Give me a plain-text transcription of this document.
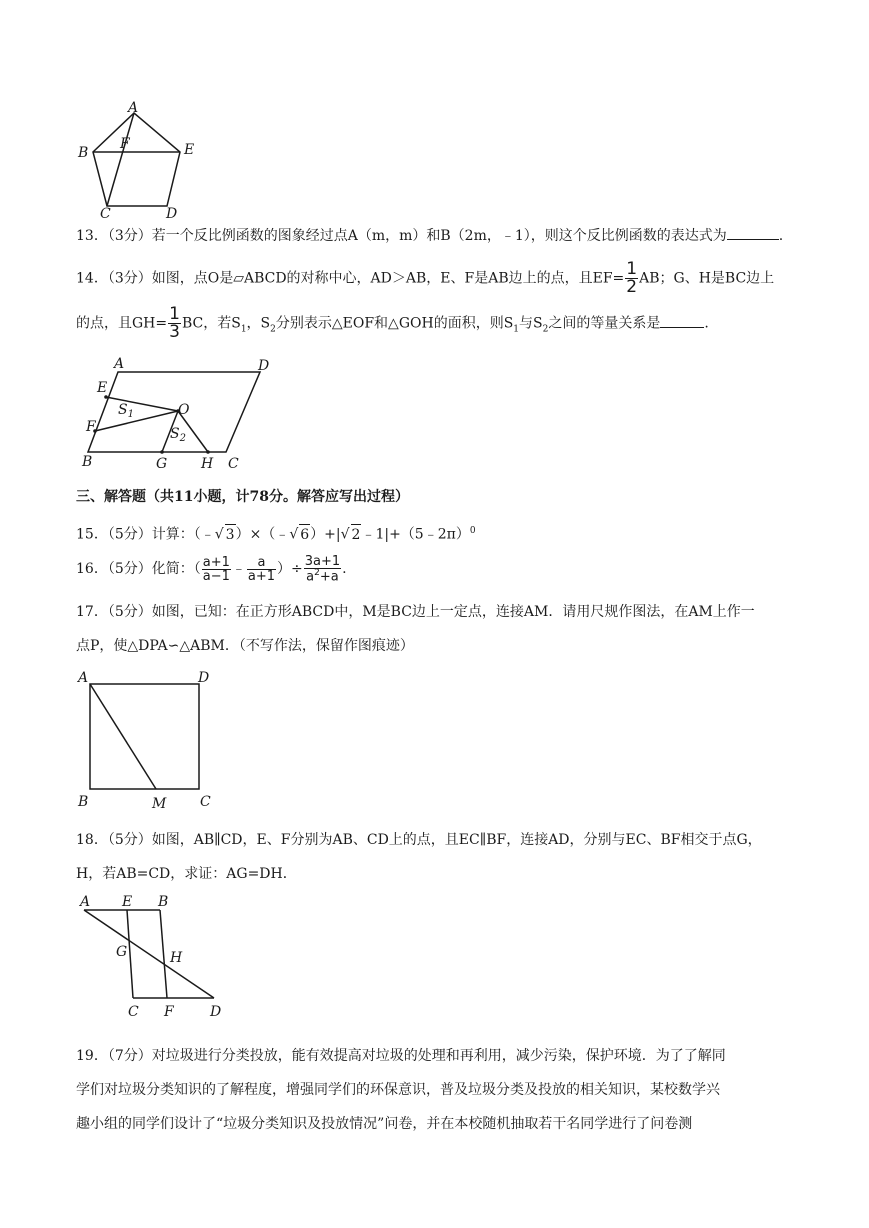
A
B
F	E
C	D
13．（3分）若一个反比例函数的图象经过点A（m，m）和B（2m，﹣1），则这个反比例函数的表达式为	.
14．（3分）如图，点O是▱ABCD的对称中心，AD＞AB，E、F是AB边上的点，且$EF= \frac{1}{2}$ AB；G、H是BC边上
的点，且$GH= \frac{1}{3}$ BC，若$S_1$，$S_2$分别表示△EOF和△GOH的面积，则$S_1$与$S_2$之间的等量关系是	.
A	D
E
F
O
$S_1$
$S_2$
B	G H C
三、解答题（共11小题，计78分。解答应写出过程）
15．（5分）计算：（﹣√ 3）×（﹣√ 6）+|√ 2﹣1|+（5﹣2π）$^0$
16．（5分）化简：（ $\frac{a+1}{a-1}$ ﹣ $\frac{a}{a+1}$ ）÷ $\frac{3a+1}{a^2+a}$ .
17．（5分）如图，已知：在正方形ABCD中，M是BC边上一定点，连接AM．请用尺规作图法，在AM上作一
点P，使△DPA∽△ABM．（不写作法，保留作图痕迹）
A	D
B	M C
18．（5分）如图，AB∥CD，E、F分别为AB、CD上的点，且EC∥BF，连接AD，分别与EC、BF相交于点G，
H，若AB=CD，求证：AG=DH．
A E B
G	H
C F	D
19．（7分）对垃圾进行分类投放，能有效提高对垃圾的处理和再利用，减少污染，保护环境．为了了解同
学们对垃圾分类知识的了解程度，增强同学们的环保意识，普及垃圾分类及投放的相关知识，某校数学兴
趣小组的同学们设计了“垃圾分类知识及投放情况”问卷，并在本校随机抽取若干名同学进行了问卷测
